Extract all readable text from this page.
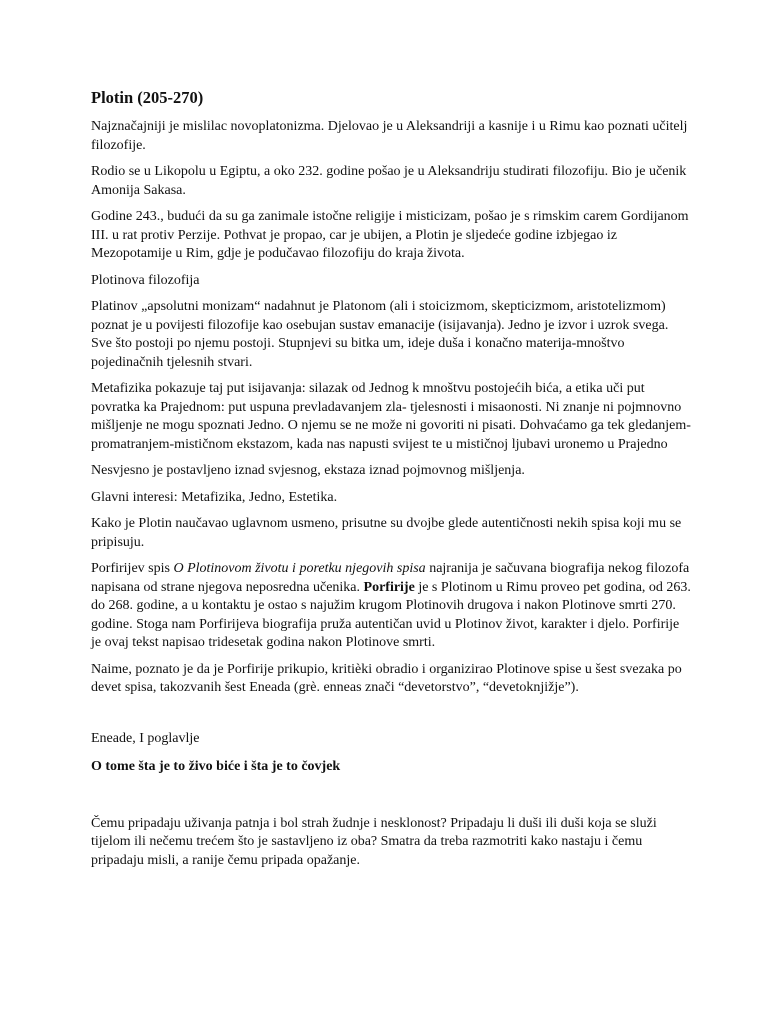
Plotin (205-270)

Najznačajniji je mislilac novoplatonizma. Djelovao je u Aleksandriji a kasnije i u Rimu kao poznati učitelj filozofije.

Rodio se u Likopolu u Egiptu, a oko 232. godine pošao je u Aleksandriju studirati filozofiju. Bio je učenik Amonija Sakasa.

Godine 243., budući da su ga zanimale istočne religije i misticizam, pošao je s rimskim carem Gordijanom III. u rat protiv Perzije. Pothvat je propao, car je ubijen, a Plotin je sljedeće godine izbjegao iz Mezopotamije u Rim, gdje je podučavao filozofiju do kraja života.

Plotinova filozofija

Platinov „apsolutni monizam“ nadahnut je Platonom (ali i stoicizmom, skepticizmom, aristotelizmom) poznat je u povijesti filozofije kao osebujan sustav emanacije (isijavanja). Jedno je izvor i uzrok svega. Sve što postoji po njemu postoji. Stupnjevi su bitka um, ideje duša i konačno materija-mnoštvo pojedinačnih tjelesnih stvari.

Metafizika pokazuje taj put isijavanja: silazak od Jednog k mnoštvu postojećih bića, a etika uči put povratka ka Prajednom: put uspuna prevladavanjem zla- tjelesnosti i misaonosti. Ni znanje ni pojmnovno mišljenje ne mogu spoznati Jedno. O njemu se ne može ni govoriti ni pisati. Dohvaćamo ga tek gledanjem-promatranjem-mističnom ekstazom, kada nas napusti svijest te u mističnoj ljubavi uronemo u Prajedno

Nesvjesno je postavljeno iznad svjesnog, ekstaza iznad pojmovnog mišljenja.

Glavni interesi: Metafizika, Jedno, Estetika.

Kako je Plotin naučavao uglavnom usmeno, prisutne su dvojbe glede autentičnosti nekih spisa koji mu se pripisuju.

Porfirijev spis O Plotinovom životu i poretku njegovih spisa najranija je sačuvana biografija nekog filozofa napisana od strane njegova neposredna učenika. Porfirije je s Plotinom u Rimu proveo pet godina, od 263. do 268. godine, a u kontaktu je ostao s najužim krugom Plotinovih drugova i nakon Plotinove smrti 270. godine. Stoga nam Porfirijeva biografija pruža autentičan uvid u Plotinov život, karakter i djelo. Porfirije je ovaj tekst napisao tridesetak godina nakon Plotinove smrti.

Naime, poznato je da je Porfirije prikupio, kritièki obradio i organizirao Plotinove spise u šest svezaka po devet spisa, takozvanih šest Eneada (grè. enneas znači “devetorstvo”, “devetoknjižje”).

Eneade, I poglavlje

O tome šta je to živo biće i šta je to čovjek

Čemu pripadaju uživanja patnja i bol strah žudnje i nesklonost? Pripadaju li duši ili duši koja se služi tijelom ili nečemu trećem što je sastavljeno iz oba? Smatra da treba razmotriti kako nastaju i čemu pripadaju misli, a ranije čemu pripada opažanje.
